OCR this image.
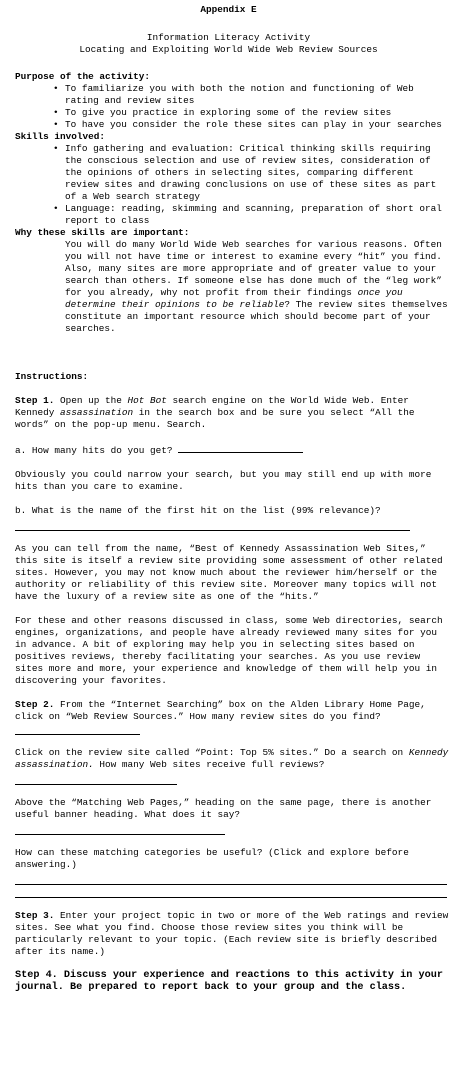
Appendix E
Information Literacy Activity
Locating and Exploiting World Wide Web Review Sources
Purpose of the activity:
• To familiarize you with both the notion and functioning of Web rating and review sites
• To give you practice in exploring some of the review sites
• To have you consider the role these sites can play in your searches
Skills involved:
• Info gathering and evaluation: Critical thinking skills requiring the conscious selection and use of review sites, consideration of the opinions of others in selecting sites, comparing different review sites and drawing conclusions on use of these sites as part of a Web search strategy
• Language: reading, skimming and scanning, preparation of short oral report to class
Why these skills are important:

You will do many World Wide Web searches for various reasons. Often you will not have time or interest to examine every “hit” you find. Also, many sites are more appropriate and of greater value to your search than others. If someone else has done much of the “leg work” for you already, why not profit from their findings once you determine their opinions to be reliable? The review sites themselves constitute an important resource which should become part of your searches.

Instructions:

Step 1. Open up the Hot Bot search engine on the World Wide Web. Enter Kennedy assassination in the search box and be sure you select “All the words” on the pop-up menu. Search.

a. How many hits do you get?

Obviously you could narrow your search, but you may still end up with more hits than you care to examine.

b. What is the name of the first hit on the list (99% relevance)?

As you can tell from the name, “Best of Kennedy Assassination Web Sites,” this site is itself a review site providing some assessment of other related sites. However, you may not know much about the reviewer him/herself or the authority or reliability of this review site. Moreover many topics will not have the luxury of a review site as one of the “hits.”

For these and other reasons discussed in class, some Web directories, search engines, organizations, and people have already reviewed many sites for you in advance. A bit of exploring may help you in selecting sites based on positives reviews, thereby facilitating your searches. As you use review sites more and more, your experience and knowledge of them will help you in discovering your favorites.

Step 2. From the “Internet Searching” box on the Alden Library Home Page, click on “Web Review Sources.” How many review sites do you find?

Click on the review site called “Point: Top 5% sites.” Do a search on Kennedy assassination. How many Web sites receive full reviews?

Above the “Matching Web Pages,” heading on the same page, there is another useful banner heading. What does it say?

How can these matching categories be useful? (Click and explore before answering.)

Step 3. Enter your project topic in two or more of the Web ratings and review sites. See what you find. Choose those review sites you think will be particularly relevant to your topic. (Each review site is briefly described after its name.)

Step 4. Discuss your experience and reactions to this activity in your journal. Be prepared to report back to your group and the class.
